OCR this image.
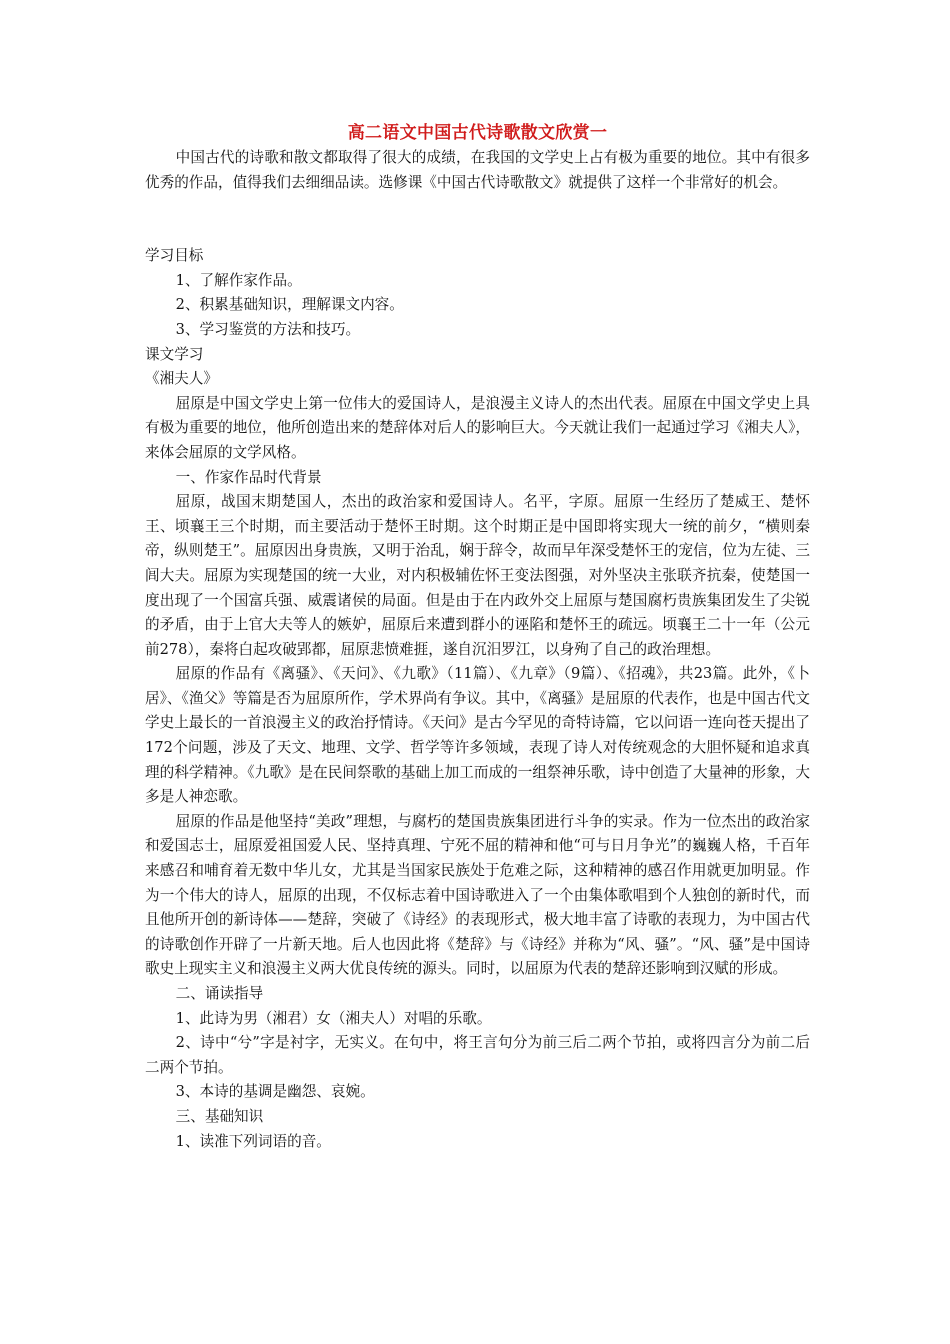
高二语文中国古代诗歌散文欣赏一

中国古代的诗歌和散文都取得了很大的成绩，在我国的文学史上占有极为重要的地位。其中有很多优秀的作品，值得我们去细细品读。选修课《中国古代诗歌散文》就提供了这样一个非常好的机会。

学习目标

1、了解作家作品。

2、积累基础知识，理解课文内容。

3、学习鉴赏的方法和技巧。

课文学习

《湘夫人》

屈原是中国文学史上第一位伟大的爱国诗人，是浪漫主义诗人的杰出代表。屈原在中国文学史上具有极为重要的地位，他所创造出来的楚辞体对后人的影响巨大。今天就让我们一起通过学习《湘夫人》，来体会屈原的文学风格。

一、作家作品时代背景

屈原，战国末期楚国人，杰出的政治家和爱国诗人。名平，字原。屈原一生经历了楚威王、楚怀王、顷襄王三个时期，而主要活动于楚怀王时期。这个时期正是中国即将实现大一统的前夕，“横则秦帝，纵则楚王”。屈原因出身贵族，又明于治乱，娴于辞令，故而早年深受楚怀王的宠信，位为左徒、三闾大夫。屈原为实现楚国的统一大业，对内积极辅佐怀王变法图强，对外坚决主张联齐抗秦，使楚国一度出现了一个国富兵强、威震诸侯的局面。但是由于在内政外交上屈原与楚国腐朽贵族集团发生了尖锐的矛盾，由于上官大夫等人的嫉妒，屈原后来遭到群小的诬陷和楚怀王的疏远。顷襄王二十一年（公元前278），秦将白起攻破郢都，屈原悲愤难捱，遂自沉汨罗江，以身殉了自己的政治理想。

屈原的作品有《离骚》、《天问》、《九歌》（11篇）、《九章》（9篇）、《招魂》，共23篇。此外，《卜居》、《渔父》等篇是否为屈原所作，学术界尚有争议。其中，《离骚》是屈原的代表作，也是中国古代文学史上最长的一首浪漫主义的政治抒情诗。《天问》是古今罕见的奇特诗篇，它以问语一连向苍天提出了172个问题，涉及了天文、地理、文学、哲学等许多领域，表现了诗人对传统观念的大胆怀疑和追求真理的科学精神。《九歌》是在民间祭歌的基础上加工而成的一组祭神乐歌，诗中创造了大量神的形象，大多是人神恋歌。

屈原的作品是他坚持“美政”理想，与腐朽的楚国贵族集团进行斗争的实录。作为一位杰出的政治家和爱国志士，屈原爱祖国爱人民、坚持真理、宁死不屈的精神和他“可与日月争光”的巍巍人格，千百年来感召和哺育着无数中华儿女，尤其是当国家民族处于危难之际，这种精神的感召作用就更加明显。作为一个伟大的诗人，屈原的出现，不仅标志着中国诗歌进入了一个由集体歌唱到个人独创的新时代，而且他所开创的新诗体——楚辞，突破了《诗经》的表现形式，极大地丰富了诗歌的表现力，为中国古代的诗歌创作开辟了一片新天地。后人也因此将《楚辞》与《诗经》并称为“风、骚”。“风、骚”是中国诗歌史上现实主义和浪漫主义两大优良传统的源头。同时，以屈原为代表的楚辞还影响到汉赋的形成。

二、诵读指导

1、此诗为男（湘君）女（湘夫人）对唱的乐歌。

2、诗中“兮”字是衬字，无实义。在句中，将王言句分为前三后二两个节拍，或将四言分为前二后二两个节拍。

3、本诗的基调是幽怨、哀婉。

三、基础知识

1、读准下列词语的音。
